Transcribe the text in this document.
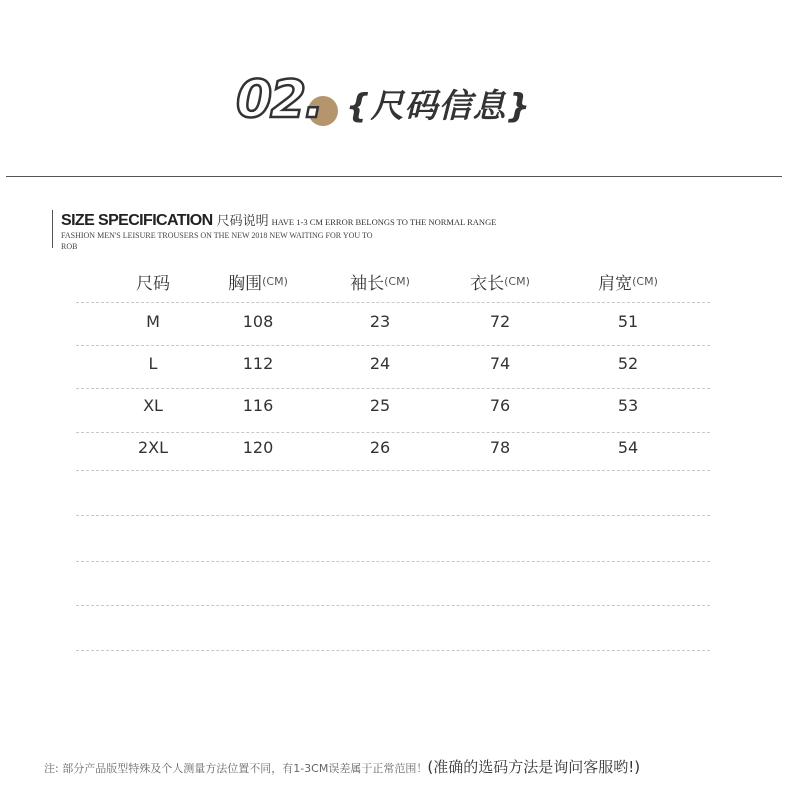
02. {尺码信息}
SIZE SPECIFICATION 尺码说明 HAVE 1-3 CM ERROR BELONGS TO THE NORMAL RANGE
FASHION MEN'S LEISURE TROUSERS ON THE NEW 2018 NEW WAITING FOR YOU TO ROB
尺码	胸围 (CM)	袖长 (CM)	衣长 (CM)	肩宽 (CM)
M	108	23	72	51
L	112	24	74	52
XL	116	25	76	53
2XL	120	26	78	54
注: 部分产品版型特殊及个人测量方法位置不同，有1-3CM误差属于正常范围！(准确的选码方法是询问客服哟!)
